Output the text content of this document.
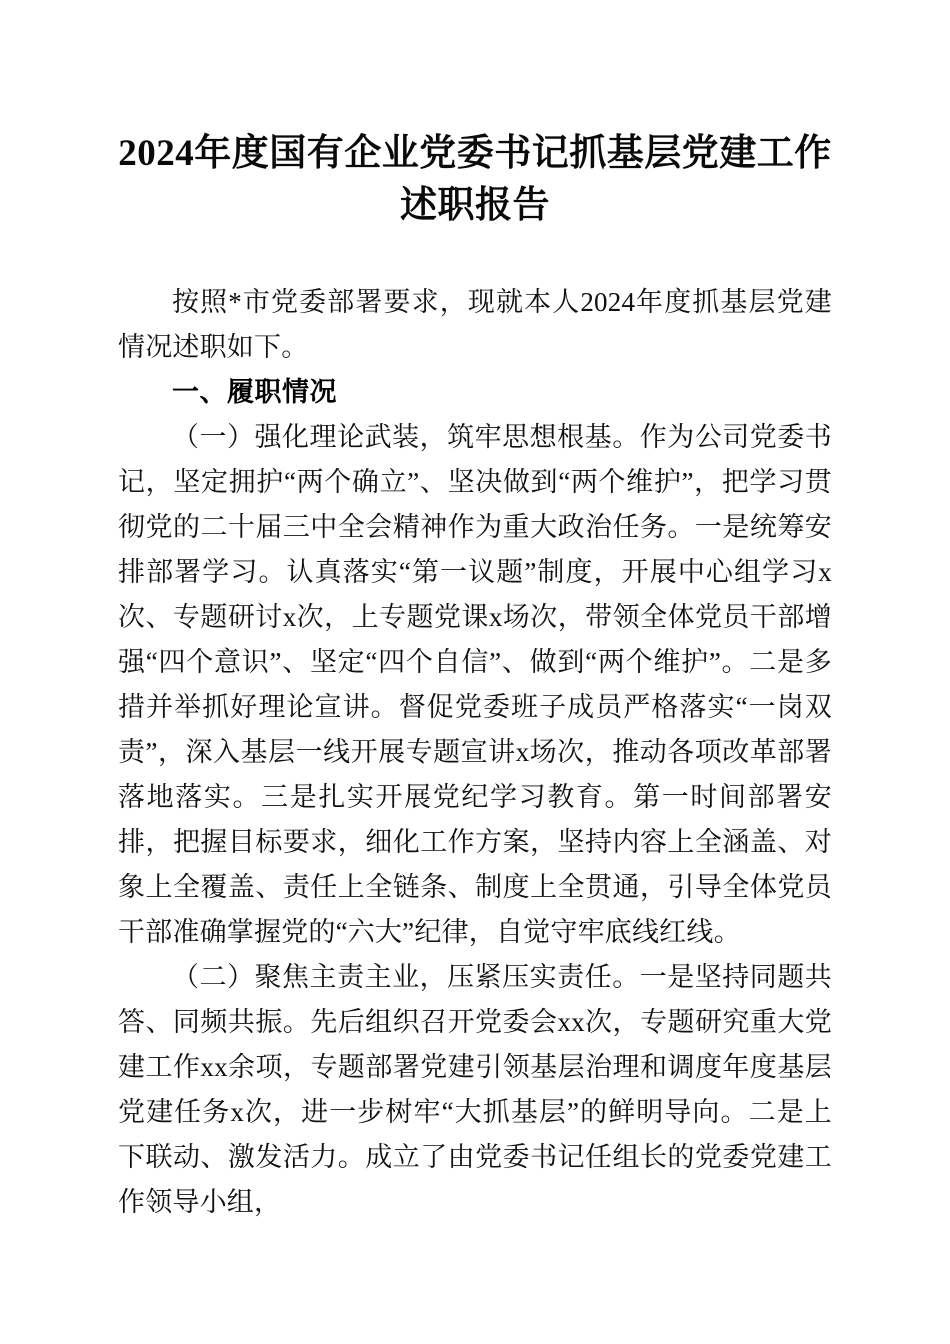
2024年度国有企业党委书记抓基层党建工作述职报告

按照*市党委部署要求，现就本人2024年度抓基层党建情况述职如下。

一、履职情况

（一）强化理论武装，筑牢思想根基。作为公司党委书记，坚定拥护“两个确立”、坚决做到“两个维护”，把学习贯彻党的二十届三中全会精神作为重大政治任务。一是统筹安排部署学习。认真落实“第一议题”制度，开展中心组学习x次、专题研讨x次，上专题党课x场次，带领全体党员干部增强“四个意识”、坚定“四个自信”、做到“两个维护”。二是多措并举抓好理论宣讲。督促党委班子成员严格落实“一岗双责”，深入基层一线开展专题宣讲x场次，推动各项改革部署落地落实。三是扎实开展党纪学习教育。第一时间部署安排，把握目标要求，细化工作方案，坚持内容上全涵盖、对象上全覆盖、责任上全链条、制度上全贯通，引导全体党员干部准确掌握党的“六大”纪律，自觉守牢底线红线。

（二）聚焦主责主业，压紧压实责任。一是坚持同题共答、同频共振。先后组织召开党委会xx次，专题研究重大党建工作xx余项，专题部署党建引领基层治理和调度年度基层党建任务x次，进一步树牢“大抓基层”的鲜明导向。二是上下联动、激发活力。成立了由党委书记任组长的党委党建工作领导小组，
